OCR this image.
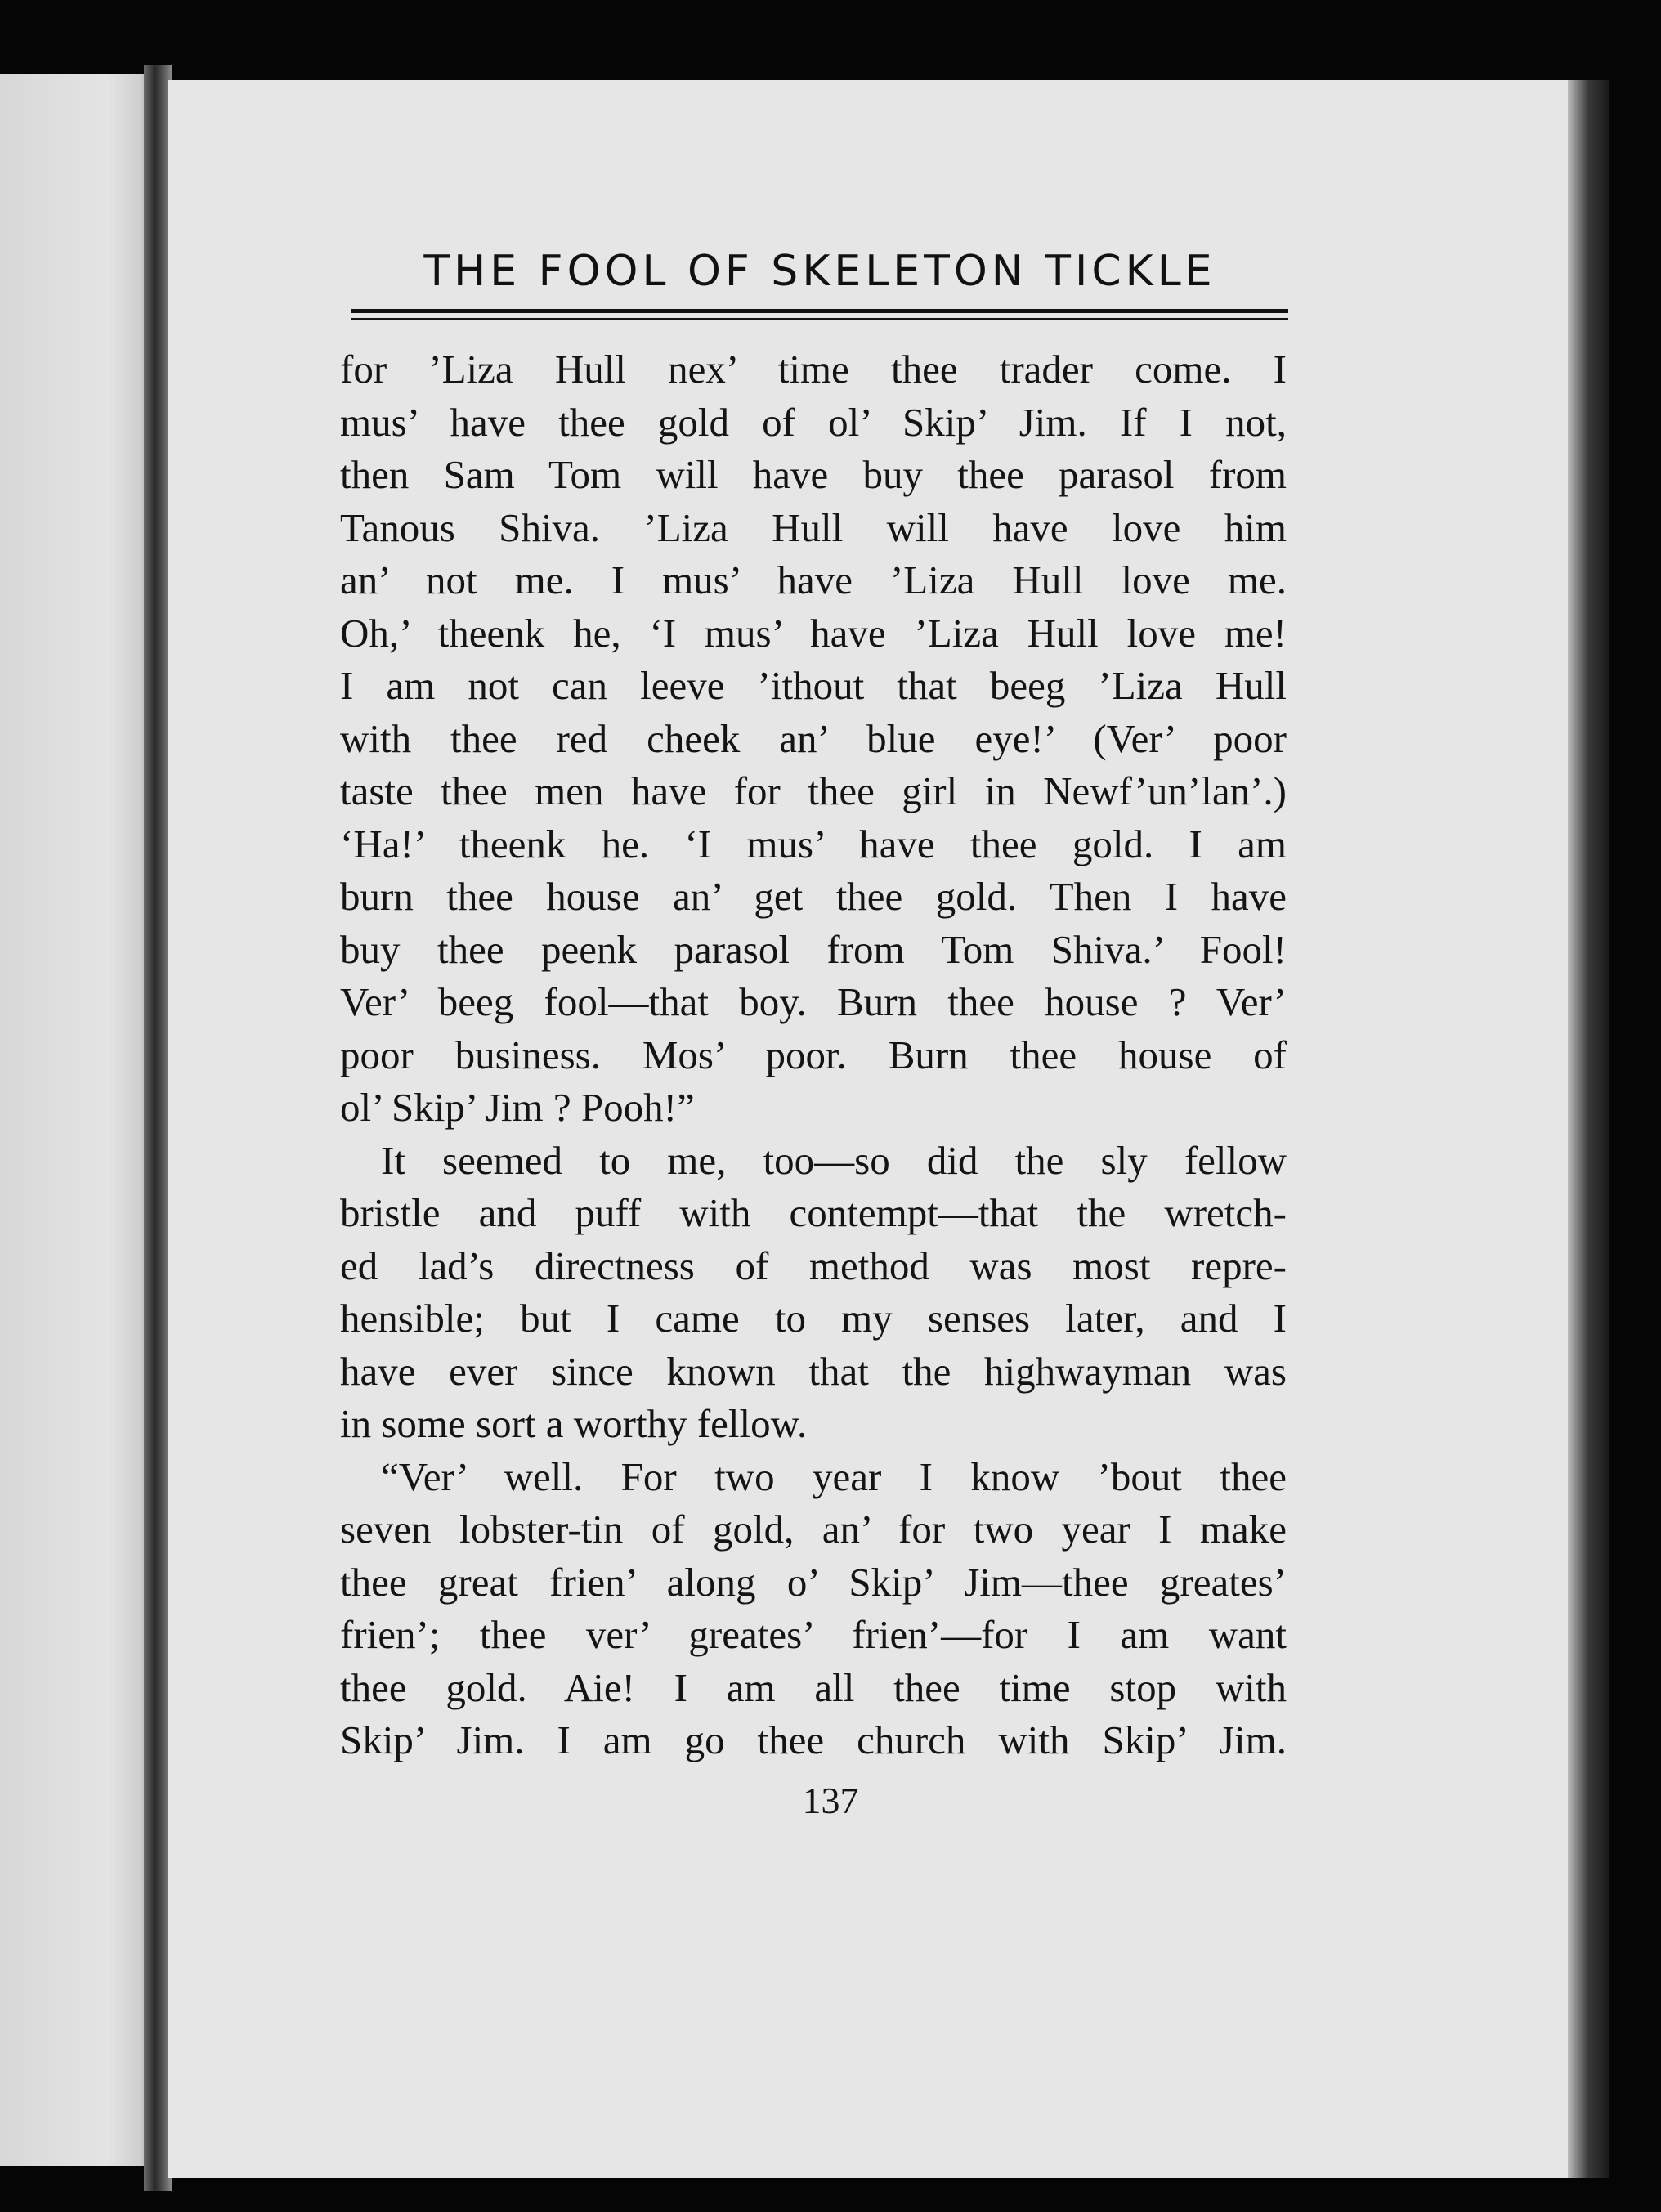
THE FOOL OF SKELETON TICKLE
for ’Liza Hull nex’ time thee trader come. I
mus’ have thee gold of ol’ Skip’ Jim. If I not,
then Sam Tom will have buy thee parasol from
Tanous Shiva. ’Liza Hull will have love him
an’ not me. I mus’ have ’Liza Hull love me.
Oh,’ theenk he, ‘I mus’ have ’Liza Hull love me!
I am not can leeve ’ithout that beeg ’Liza Hull
with thee red cheek an’ blue eye!’ (Ver’ poor
taste thee men have for thee girl in Newf’un’lan’.)
‘Ha!’ theenk he. ‘I mus’ have thee gold. I am
burn thee house an’ get thee gold. Then I have
buy thee peenk parasol from Tom Shiva.’ Fool!
Ver’ beeg fool—that boy. Burn thee house ? Ver’
poor business. Mos’ poor. Burn thee house of
ol’ Skip’ Jim ? Pooh!”
It seemed to me, too—so did the sly fellow
bristle and puff with contempt—that the wretch-
ed lad’s directness of method was most repre-
hensible; but I came to my senses later, and I
have ever since known that the highwayman was
in some sort a worthy fellow.
“Ver’ well. For two year I know ’bout thee
seven lobster-tin of gold, an’ for two year I make
thee great frien’ along o’ Skip’ Jim—thee greates’
frien’; thee ver’ greates’ frien’—for I am want
thee gold. Aie! I am all thee time stop with
Skip’ Jim. I am go thee church with Skip’ Jim.
137
